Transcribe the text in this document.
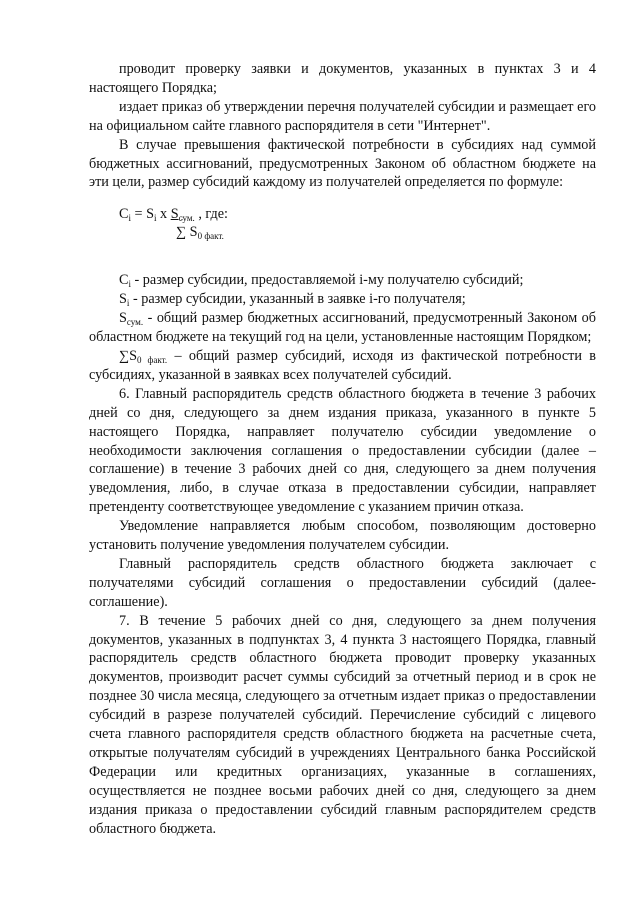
проводит проверку заявки и документов, указанных в пунктах 3 и 4 настоящего Порядка;

издает приказ об утверждении перечня получателей субсидии и размещает его на официальном сайте главного распорядителя в сети "Интернет".

В случае превышения фактической потребности в субсидиях над суммой бюджетных ассигнований, предусмотренных Законом об областном бюджете на эти цели, размер субсидий каждому из получателей определяется по формуле:

$C_i = S_i$ x $S_{сум.}$ , где:
∑ $S_{0 факт.}$

$C_i$ - размер субсидии, предоставляемой i-му получателю субсидий;

$S_i$ - размер субсидии, указанный в заявке i-го получателя;

$S_{сум.}$ - общий размер бюджетных ассигнований, предусмотренный Законом об областном бюджете на текущий год на цели, установленные настоящим Порядком;

$\sum S_{0 факт.}$ – общий размер субсидий, исходя из фактической потребности в субсидиях, указанной в заявках всех получателей субсидий.

6. Главный распорядитель средств областного бюджета в течение 3 рабочих дней со дня, следующего за днем издания приказа, указанного в пункте 5 настоящего Порядка, направляет получателю субсидии уведомление о необходимости заключения соглашения о предоставлении субсидии (далее – соглашение) в течение 3 рабочих дней со дня, следующего за днем получения уведомления, либо, в случае отказа в предоставлении субсидии, направляет претенденту соответствующее уведомление с указанием причин отказа.

Уведомление направляется любым способом, позволяющим достоверно установить получение уведомления получателем субсидии.

Главный распорядитель средств областного бюджета заключает с получателями субсидий соглашения о предоставлении субсидий (далее-соглашение).

7. В течение 5 рабочих дней со дня, следующего за днем получения документов, указанных в подпунктах 3, 4 пункта 3 настоящего Порядка, главный распорядитель средств областного бюджета проводит проверку указанных документов, производит расчет суммы субсидий за отчетный период и в срок не позднее 30 числа месяца, следующего за отчетным издает приказ о предоставлении субсидий в разрезе получателей субсидий. Перечисление субсидий с лицевого счета главного распорядителя средств областного бюджета на расчетные счета, открытые получателям субсидий в учреждениях Центрального банка Российской Федерации или кредитных организациях, указанные в соглашениях, осуществляется не позднее восьми рабочих дней со дня, следующего за днем издания приказа о предоставлении субсидий главным распорядителем средств областного бюджета.
